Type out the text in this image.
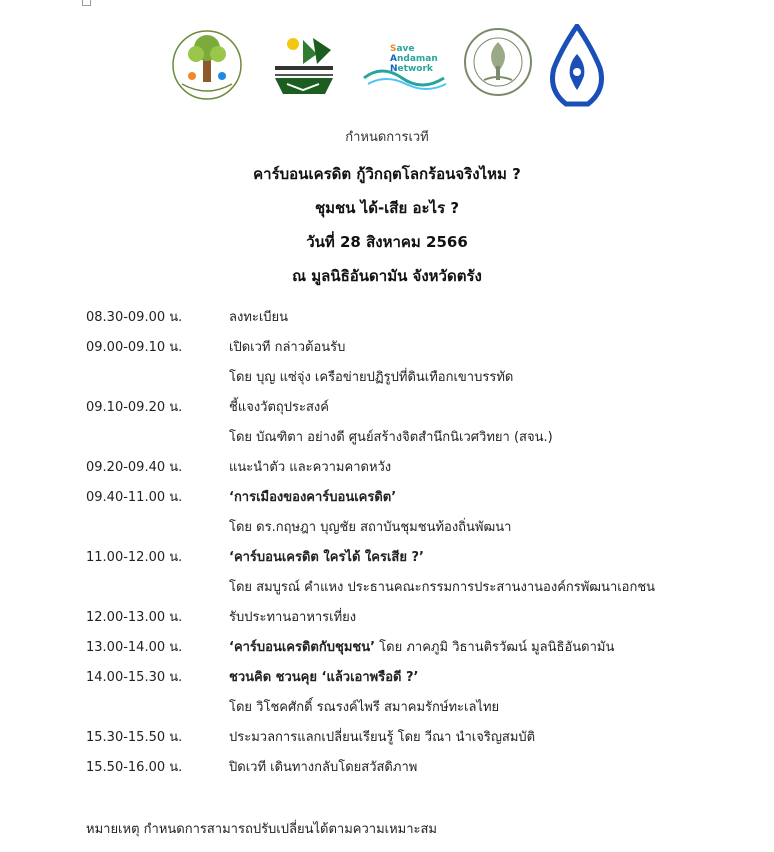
Save
Andaman
Network
กำหนดการเวที
คาร์บอนเครดิต กู้วิกฤตโลกร้อนจริงไหม ?
ชุมชน ได้-เสีย อะไร ?
วันที่ 28 สิงหาคม 2566
ณ มูลนิธิอันดามัน จังหวัดตรัง
08.30-09.00 น.	ลงทะเบียน
09.00-09.10 น.	เปิดเวที กล่าวต้อนรับ
โดย บุญ แซ่จุ่ง เครือข่ายปฏิรูปที่ดินเทือกเขาบรรทัด
09.10-09.20 น.	ชี้แจงวัตถุประสงค์
โดย บัณฑิตา อย่างดี ศูนย์สร้างจิตสำนึกนิเวศวิทยา (สจน.)
09.20-09.40 น.	แนะนำตัว และความคาดหวัง
09.40-11.00 น.	‘การเมืองของคาร์บอนเครดิต’
โดย ดร.กฤษฎา บุญชัย สถาบันชุมชนท้องถิ่นพัฒนา
11.00-12.00 น.	‘คาร์บอนเครดิต ใครได้ ใครเสีย ?’
โดย สมบูรณ์ คำแหง ประธานคณะกรรมการประสานงานองค์กรพัฒนาเอกชน
12.00-13.00 น.	รับประทานอาหารเที่ยง
13.00-14.00 น.	‘คาร์บอนเครดิตกับชุมชน’ โดย ภาคภูมิ วิธานติรวัฒน์ มูลนิธิอันดามัน
14.00-15.30 น.	ชวนคิด ชวนคุย ‘แล้วเอาพรือดี ?’
โดย วิโชคศักดิ์ รณรงค์ไพรี สมาคมรักษ์ทะเลไทย
15.30-15.50 น.	ประมวลการแลกเปลี่ยนเรียนรู้ โดย วีณา นำเจริญสมบัติ
15.50-16.00 น.	ปิดเวที เดินทางกลับโดยสวัสดิภาพ
หมายเหตุ กำหนดการสามารถปรับเปลี่ยนได้ตามความเหมาะสม
